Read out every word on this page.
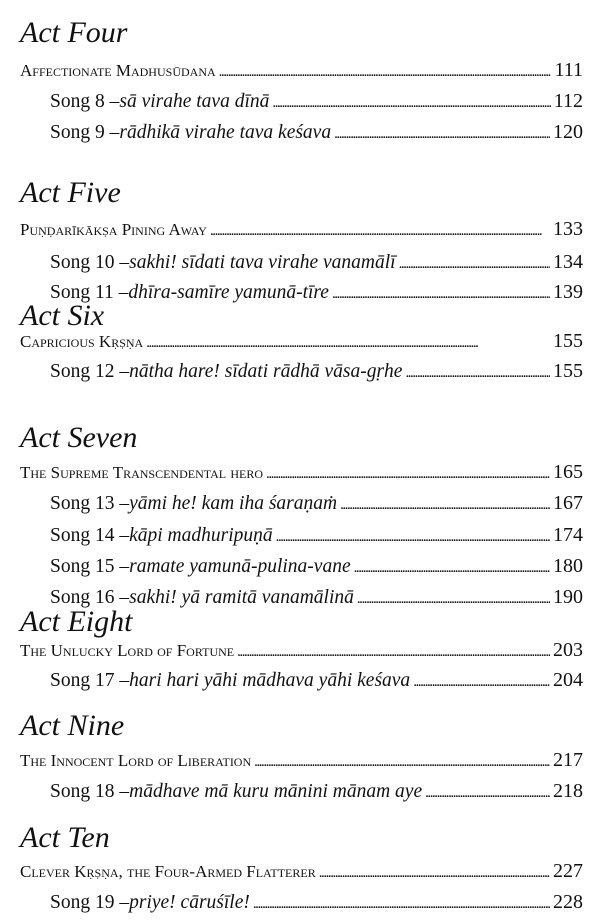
Act Four
Affectionate Madhusūdana . . .	111
Song 8 – sā virahe tava dīnā . . .	112
Song 9 – rādhikā virahe tava keśava . . .	120
Act Five
Puṇḍarīkākṣa Pining Away . . .	133
Song 10 – sakhi! sīdati tava virahe vanamālī . . .	134
Song 11 – dhīra-samīre yamunā-tīre . . .	139
Act Six
Capricious Kṛṣṇa . . .	155
Song 12 – nātha hare! sīdati rādhā vāsa-gṛhe . . .	155
Act Seven
The Supreme Transcendental hero . . .	165
Song 13 – yāmi he! kam iha śaraṇaṁ . . .	167
Song 14 – kāpi madhuripuṇā . . .	174
Song 15 – ramate yamunā-pulina-vane . . .	180
Song 16 – sakhi! yā ramitā vanamālinā . . .	190
Act Eight
The Unlucky Lord of Fortune . . .	203
Song 17 – hari hari yāhi mādhava yāhi keśava . . .	204
Act Nine
The Innocent Lord of Liberation . . .	217
Song 18 – mādhave mā kuru mānini mānam aye . . .	218
Act Ten
Clever Kṛṣṇa, the Four-Armed Flatterer . . .	227
Song 19 – priye! cāruśīle! . . .	228
